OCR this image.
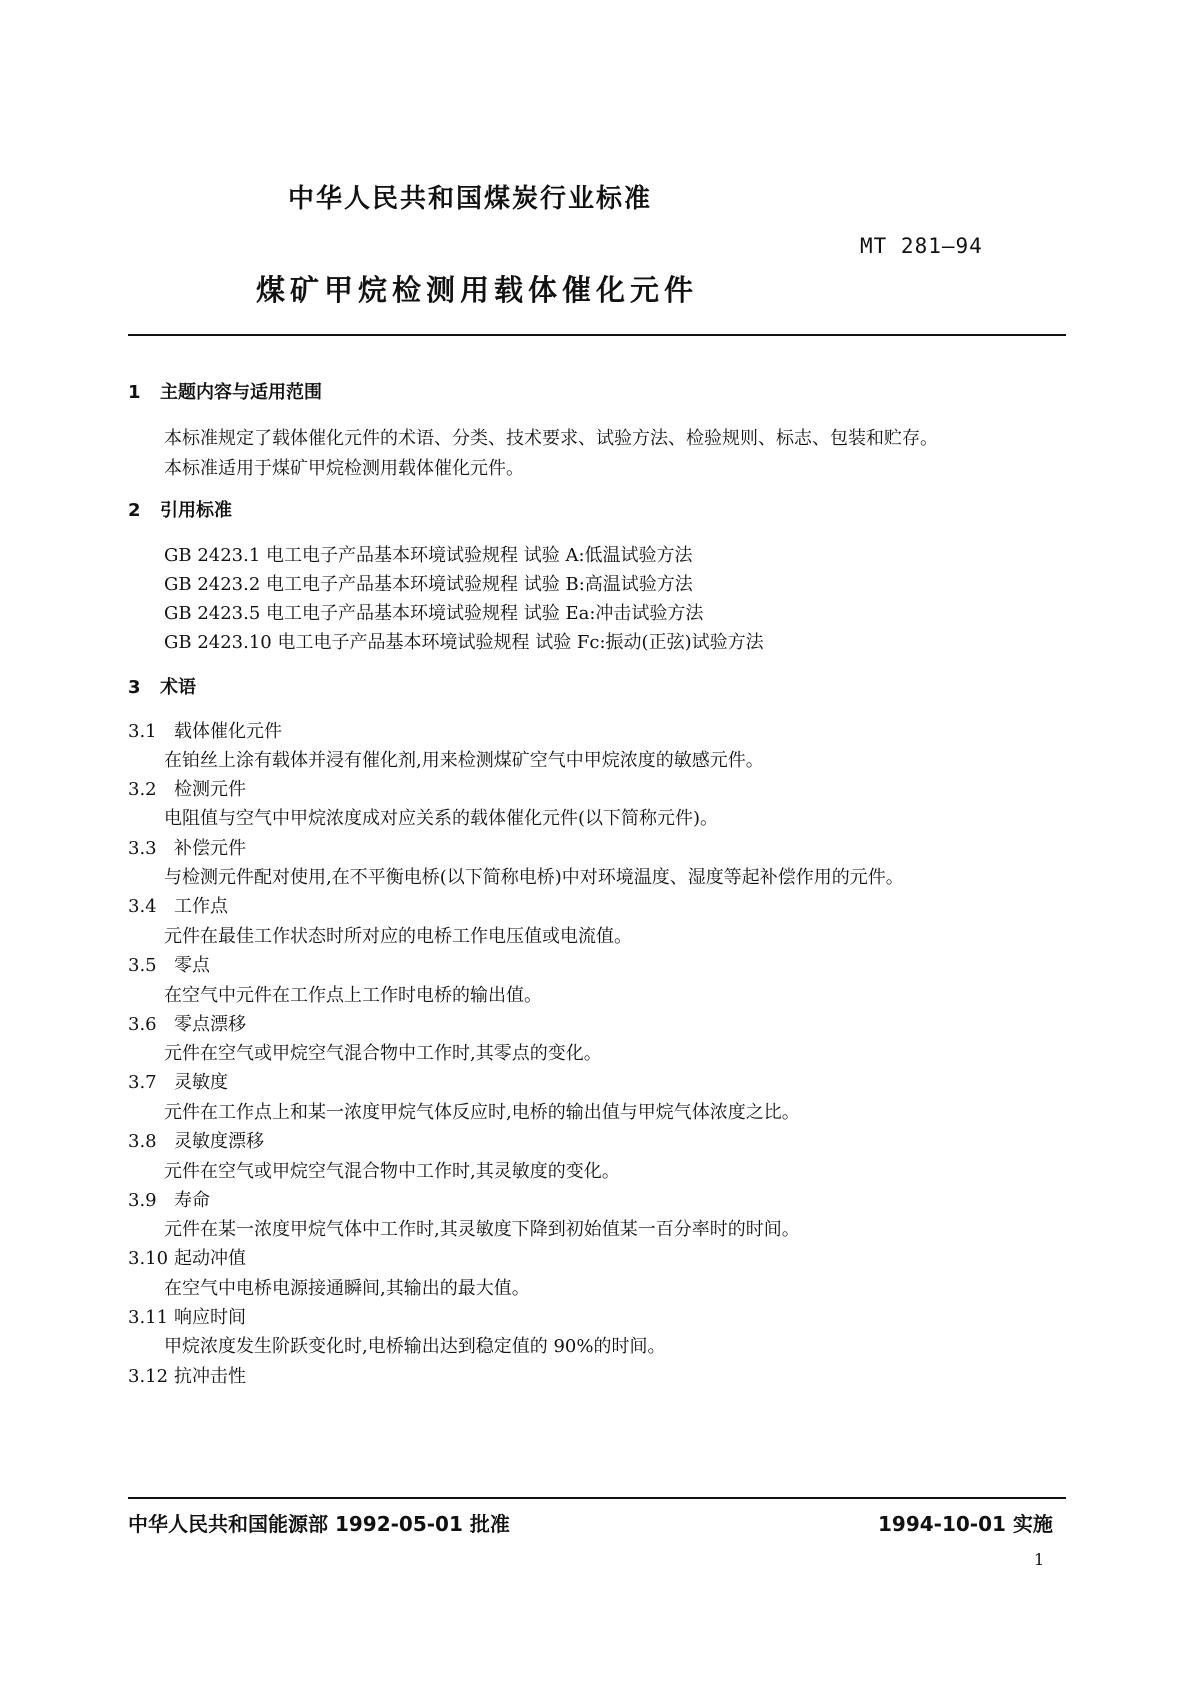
中华人民共和国煤炭行业标准
MT 281—94
煤矿甲烷检测用载体催化元件
1 主题内容与适用范围
本标准规定了载体催化元件的术语、分类、技术要求、试验方法、检验规则、标志、包装和贮存。
本标准适用于煤矿甲烷检测用载体催化元件。
2 引用标准
GB 2423.1 电工电子产品基本环境试验规程 试验 A:低温试验方法
GB 2423.2 电工电子产品基本环境试验规程 试验 B:高温试验方法
GB 2423.5 电工电子产品基本环境试验规程 试验 Ea:冲击试验方法
GB 2423.10 电工电子产品基本环境试验规程 试验 Fc:振动(正弦)试验方法
3 术语
3.1 载体催化元件
在铂丝上涂有载体并浸有催化剂,用来检测煤矿空气中甲烷浓度的敏感元件。
3.2 检测元件
电阻值与空气中甲烷浓度成对应关系的载体催化元件(以下简称元件)。
3.3 补偿元件
与检测元件配对使用,在不平衡电桥(以下简称电桥)中对环境温度、湿度等起补偿作用的元件。
3.4 工作点
元件在最佳工作状态时所对应的电桥工作电压值或电流值。
3.5 零点
在空气中元件在工作点上工作时电桥的输出值。
3.6 零点漂移
元件在空气或甲烷空气混合物中工作时,其零点的变化。
3.7 灵敏度
元件在工作点上和某一浓度甲烷气体反应时,电桥的输出值与甲烷气体浓度之比。
3.8 灵敏度漂移
元件在空气或甲烷空气混合物中工作时,其灵敏度的变化。
3.9 寿命
元件在某一浓度甲烷气体中工作时,其灵敏度下降到初始值某一百分率时的时间。
3.10 起动冲值
在空气中电桥电源接通瞬间,其输出的最大值。
3.11 响应时间
甲烷浓度发生阶跃变化时,电桥输出达到稳定值的 90%的时间。
3.12 抗冲击性
中华人民共和国能源部 1992-05-01 批准	1994-10-01 实施
1
